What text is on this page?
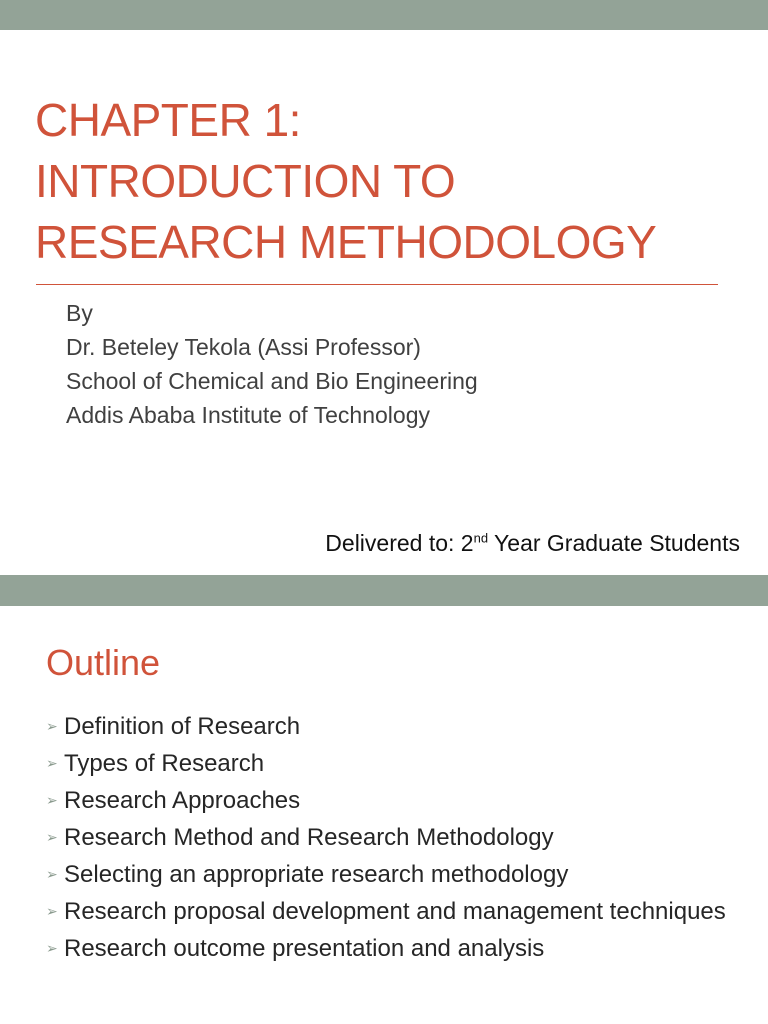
CHAPTER 1:
INTRODUCTION TO
RESEARCH METHODOLOGY
By
Dr. Beteley Tekola (Assi Professor)
School of Chemical and Bio Engineering
Addis Ababa Institute of Technology
Delivered to: 2nd Year Graduate Students
Outline
➢ Definition of Research
➢ Types of Research
➢ Research Approaches
➢ Research Method and Research Methodology
➢ Selecting an appropriate research methodology
➢ Research proposal development and management techniques
➢ Research outcome presentation and analysis
